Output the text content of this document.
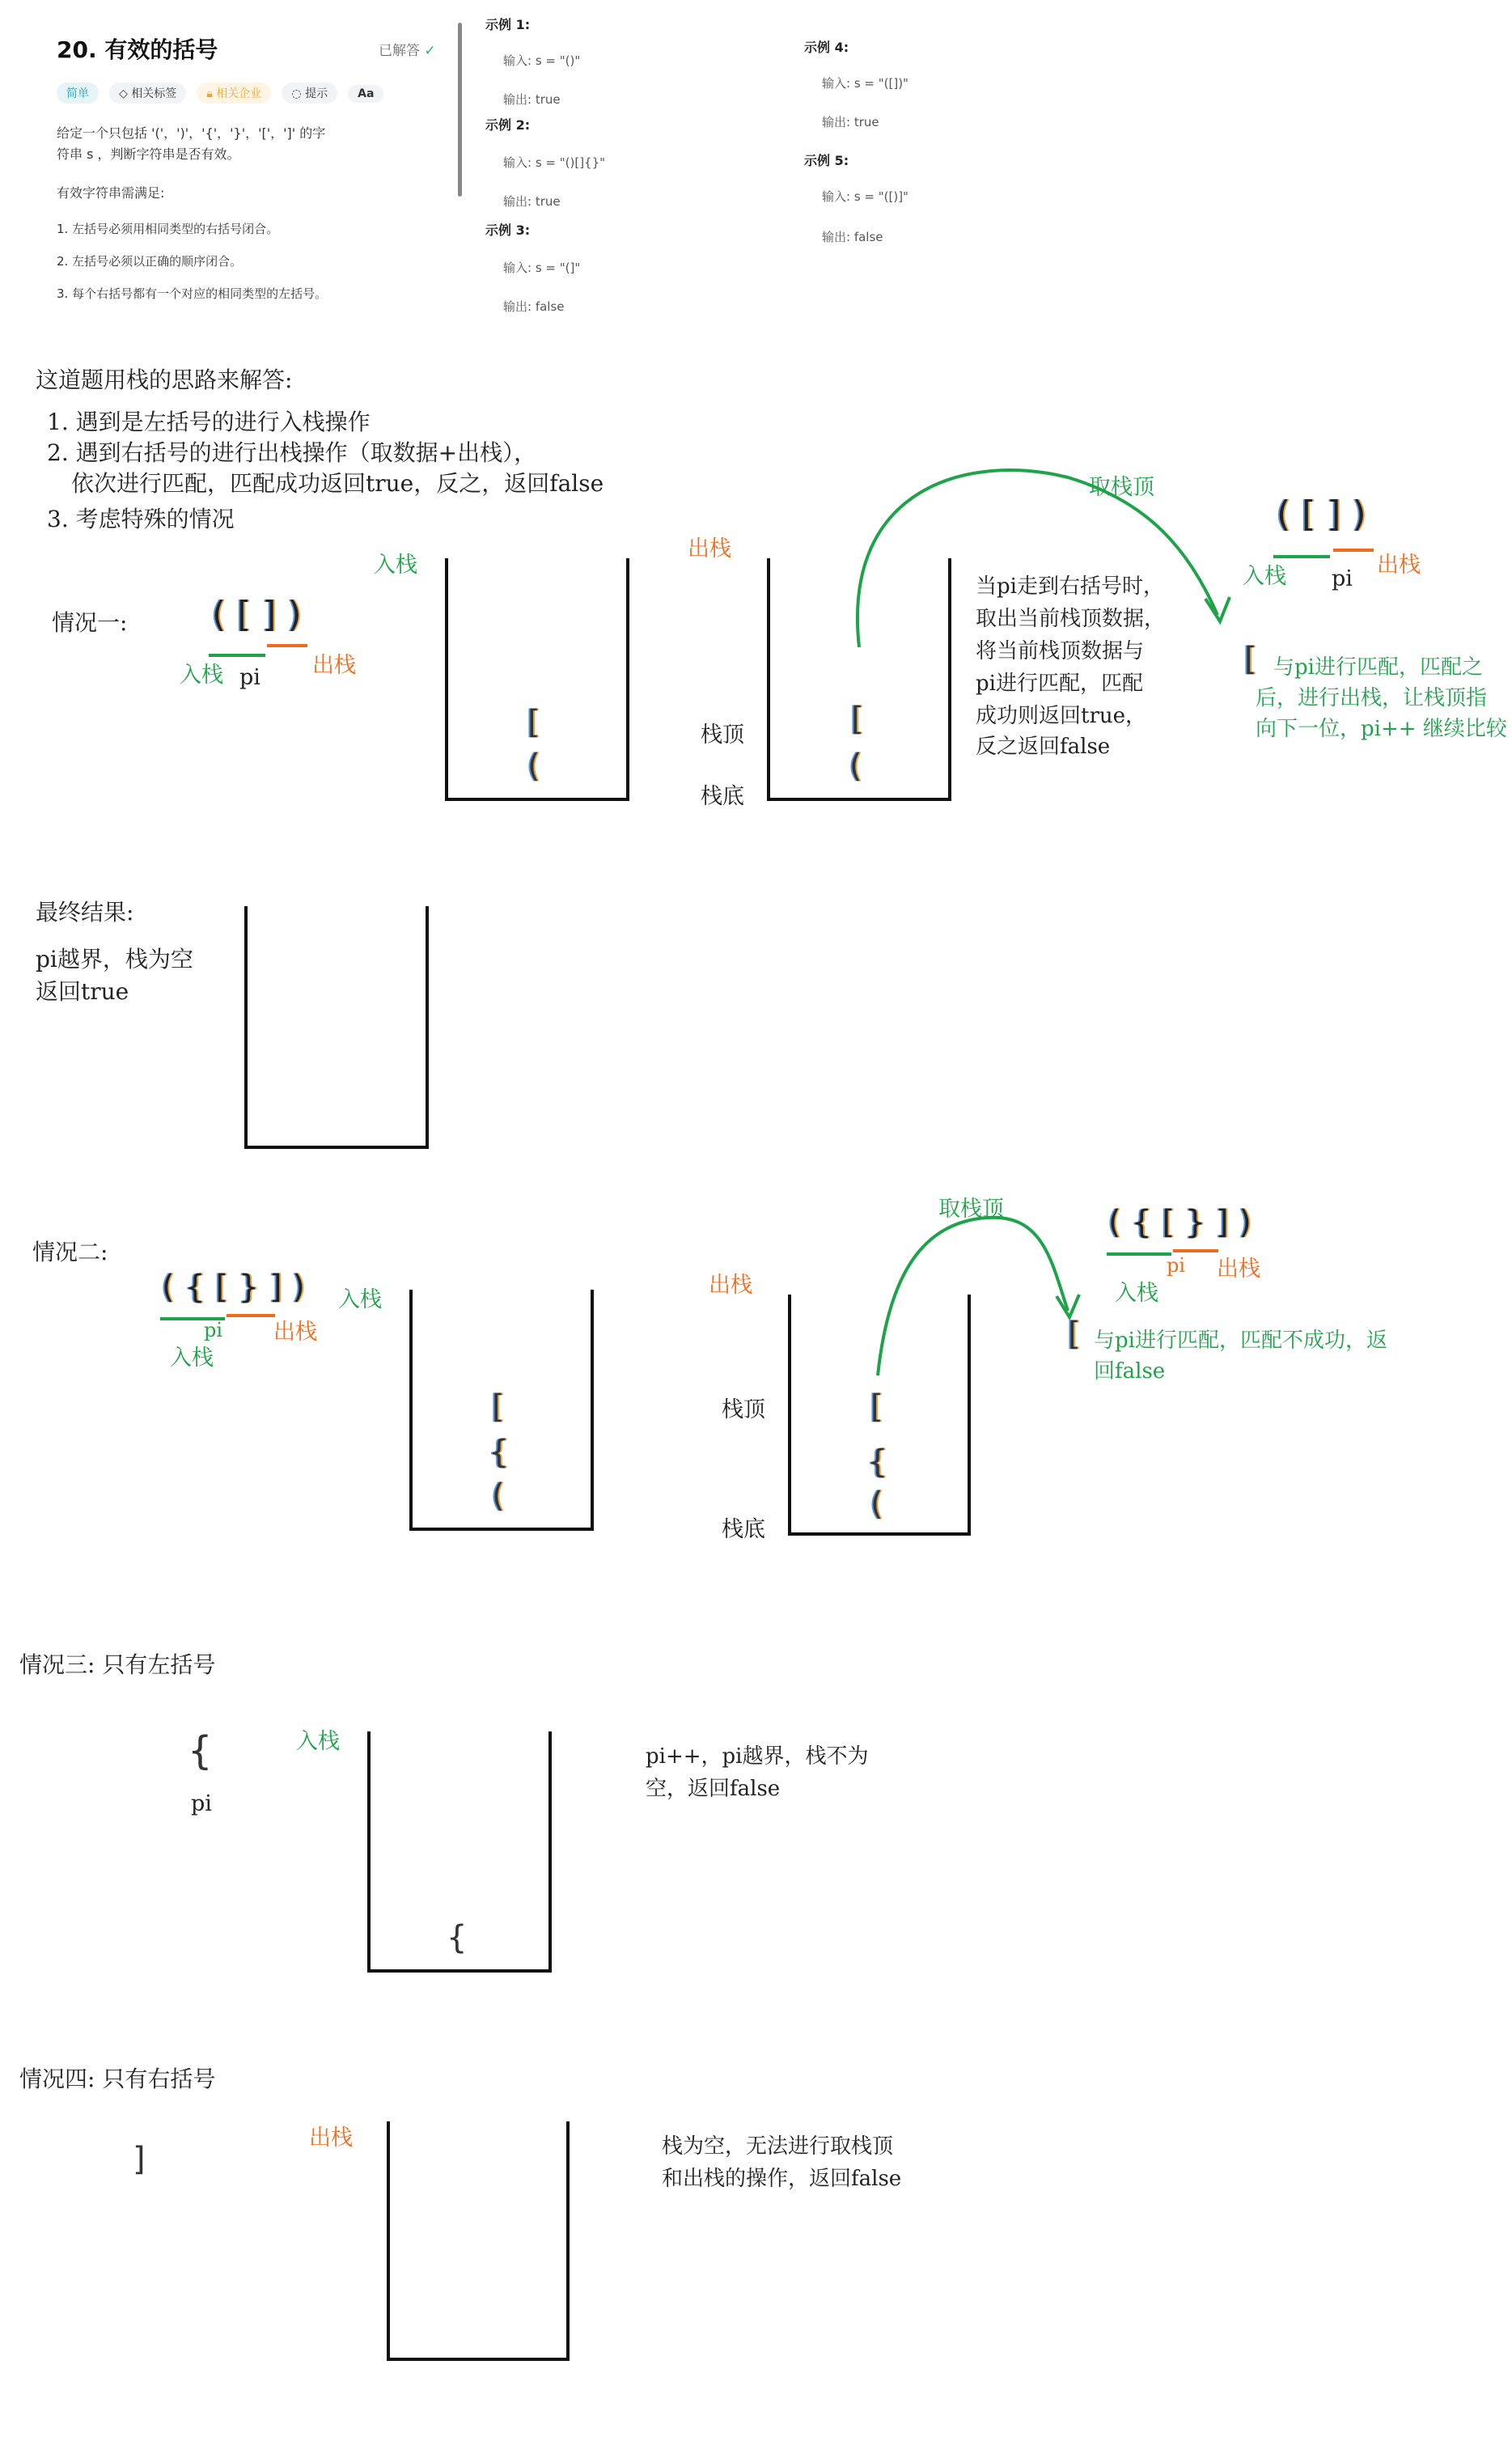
20. 有效的括号	已解答 ✓
简单	◇ 相关标签	🔒︎ 相关企业	◌ 提示	Aa
给定一个只包括 '('，')'，'{'，'}'，'['，']' 的字
符串 s ，判断字符串是否有效。
有效字符串需满足:
1. 左括号必须用相同类型的右括号闭合。
2. 左括号必须以正确的顺序闭合。
3. 每个右括号都有一个对应的相同类型的左括号。
示例 1:
输入: s = "()"
输出: true
示例 2:
输入: s = "()[]{}"
输出: true
示例 3:
输入: s = "(]"
输出: false
示例 4:
输入: s = "([])"
输出: true
示例 5:
输入: s = "([)]"
输出: false
这道题用栈的思路来解答:
1. 遇到是左括号的进行入栈操作
2. 遇到右括号的进行出栈操作（取数据+出栈），
依次进行匹配，匹配成功返回true，反之，返回false
3. 考虑特殊的情况
情况一: ( [ ] )
入栈 pi 出栈
入栈
[
(
出栈
栈顶
栈底
[
(
取栈顶
当pi走到右括号时，
取出当前栈顶数据，
将当前栈顶数据与
pi进行匹配，匹配
成功则返回true，
反之返回false
( [ ] )
入栈 pi
出栈
[ 与pi进行匹配，匹配之
后，进行出栈，让栈顶指
向下一位，pi++ 继续比较
最终结果:
pi越界，栈为空
返回true
情况二:
( { [ } ] )
pi
入栈
出栈
入栈
[
{
(
出栈
栈顶
栈底
[
{
(
取栈顶	( { [ } ] )
pi 出栈
入栈
[ 与pi进行匹配，匹配不成功，返
回false
情况三: 只有左括号
{
pi
入栈
{
pi++，pi越界，栈不为
空，返回false
情况四: 只有右括号
]
出栈	栈为空，无法进行取栈顶
和出栈的操作，返回false
